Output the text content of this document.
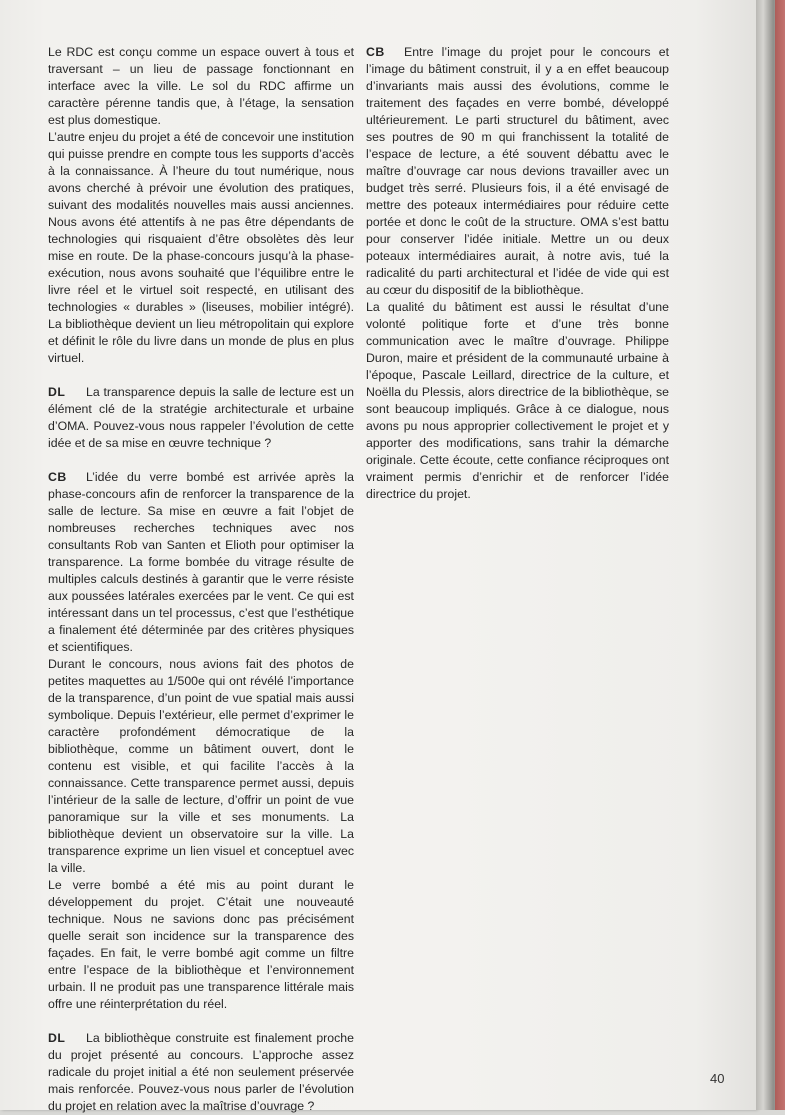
Le RDC est conçu comme un espace ouvert à tous et traversant – un lieu de passage fonctionnant en interface avec la ville. Le sol du RDC affirme un caractère pérenne tandis que, à l’étage, la sensation est plus domestique.

L’autre enjeu du projet a été de concevoir une institution qui puisse prendre en compte tous les supports d’accès à la connaissance. À l’heure du tout numérique, nous avons cherché à prévoir une évolution des pratiques, suivant des modalités nouvelles mais aussi anciennes. Nous avons été attentifs à ne pas être dépendants de technologies qui risquaient d’être obsolètes dès leur mise en route. De la phase-concours jusqu’à la phase-exécution, nous avons souhaité que l’équilibre entre le livre réel et le virtuel soit respecté, en utilisant des technologies « durables » (liseuses, mobilier intégré). La bibliothèque devient un lieu métropolitain qui explore et définit le rôle du livre dans un monde de plus en plus virtuel.

DL La transparence depuis la salle de lecture est un élément clé de la stratégie architecturale et urbaine d’OMA. Pouvez-vous nous rappeler l’évolution de cette idée et de sa mise en œuvre technique ?

CB L’idée du verre bombé est arrivée après la phase-concours afin de renforcer la transparence de la salle de lecture. Sa mise en œuvre a fait l’objet de nombreuses recherches techniques avec nos consultants Rob van Santen et Elioth pour optimiser la transparence. La forme bombée du vitrage résulte de multiples calculs destinés à garantir que le verre résiste aux poussées latérales exercées par le vent. Ce qui est intéressant dans un tel processus, c’est que l’esthétique a finalement été déterminée par des critères physiques et scientifiques.

Durant le concours, nous avions fait des photos de petites maquettes au 1/500e qui ont révélé l’importance de la transparence, d’un point de vue spatial mais aussi symbolique. Depuis l’extérieur, elle permet d’exprimer le caractère profondément démocratique de la bibliothèque, comme un bâtiment ouvert, dont le contenu est visible, et qui facilite l’accès à la connaissance. Cette transparence permet aussi, depuis l’intérieur de la salle de lecture, d’offrir un point de vue panoramique sur la ville et ses monuments. La bibliothèque devient un observatoire sur la ville. La transparence exprime un lien visuel et conceptuel avec la ville.

Le verre bombé a été mis au point durant le développement du projet. C’était une nouveauté technique. Nous ne savions donc pas précisément quelle serait son incidence sur la transparence des façades. En fait, le verre bombé agit comme un filtre entre l’espace de la bibliothèque et l’environnement urbain. Il ne produit pas une transparence littérale mais offre une réinterprétation du réel.

DL La bibliothèque construite est finalement proche du projet présenté au concours. L’approche assez radicale du projet initial a été non seulement préservée mais renforcée. Pouvez-vous nous parler de l’évolution du projet en relation avec la maîtrise d’ouvrage ?

CB Entre l’image du projet pour le concours et l’image du bâtiment construit, il y a en effet beaucoup d’invariants mais aussi des évolutions, comme le traitement des façades en verre bombé, développé ultérieurement. Le parti structurel du bâtiment, avec ses poutres de 90 m qui franchissent la totalité de l’espace de lecture, a été souvent débattu avec le maître d’ouvrage car nous devions travailler avec un budget très serré. Plusieurs fois, il a été envisagé de mettre des poteaux intermédiaires pour réduire cette portée et donc le coût de la structure. OMA s’est battu pour conserver l’idée initiale. Mettre un ou deux poteaux intermédiaires aurait, à notre avis, tué la radicalité du parti architectural et l’idée de vide qui est au cœur du dispositif de la bibliothèque.

La qualité du bâtiment est aussi le résultat d’une volonté politique forte et d’une très bonne communication avec le maître d’ouvrage. Philippe Duron, maire et président de la communauté urbaine à l’époque, Pascale Leillard, directrice de la culture, et Noëlla du Plessis, alors directrice de la bibliothèque, se sont beaucoup impliqués. Grâce à ce dialogue, nous avons pu nous approprier collectivement le projet et y apporter des modifications, sans trahir la démarche originale. Cette écoute, cette confiance réciproques ont vraiment permis d’enrichir et de renforcer l’idée directrice du projet.

40
